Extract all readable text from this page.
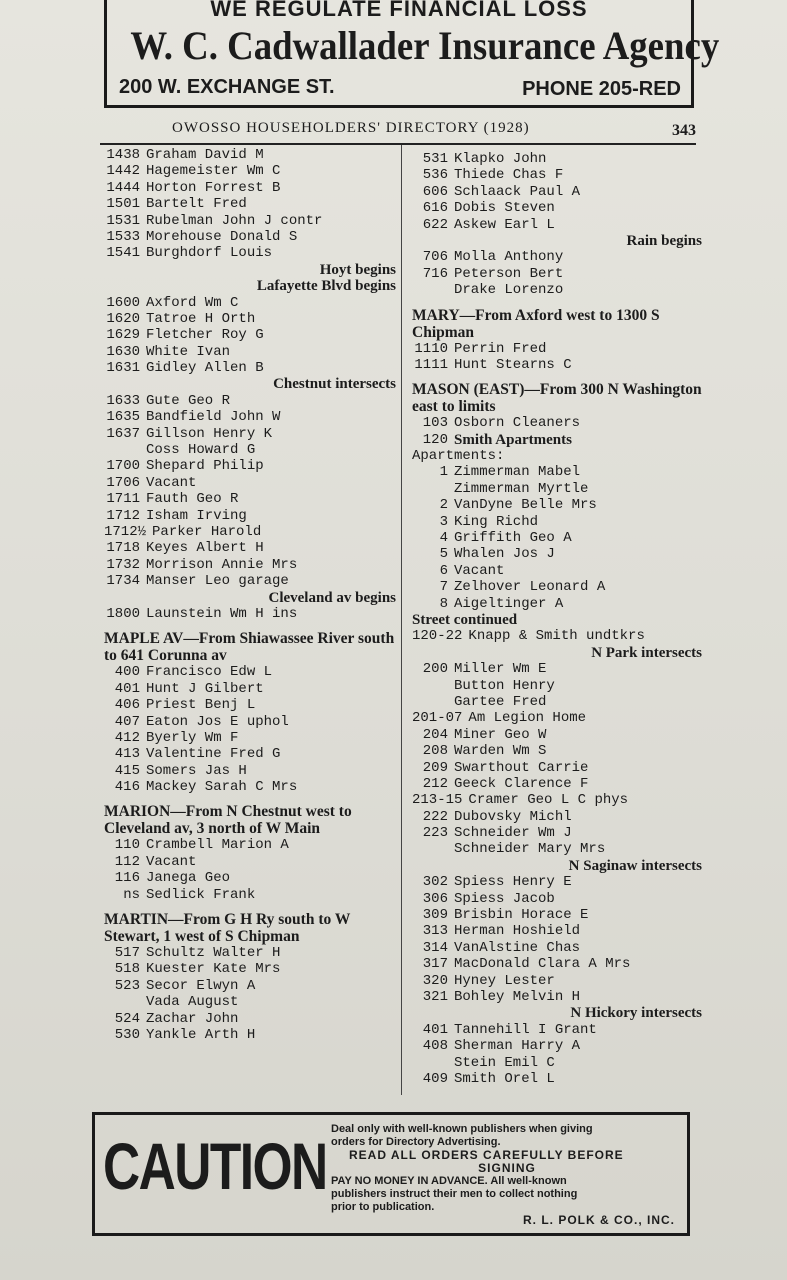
WE REGULATE FINANCIAL LOSS
W. C. Cadwallader Insurance Agency
200 W. EXCHANGE ST.	PHONE 205-RED
OWOSSO HOUSEHOLDERS' DIRECTORY (1928)	343
1438 Graham David M
1442 Hagemeister Wm C
1444 Horton Forrest B
1501 Bartelt Fred
1531 Rubelman John J contr
1533 Morehouse Donald S
1541 Burghdorf Louis
Hoyt begins
Lafayette Blvd begins
1600 Axford Wm C
1620 Tatroe H Orth
1629 Fletcher Roy G
1630 White Ivan
1631 Gidley Allen B
Chestnut intersects
1633 Gute Geo R
1635 Bandfield John W
1637 Gillson Henry K
Coss Howard G
1700 Shepard Philip
1706 Vacant
1711 Fauth Geo R
1712 Isham Irving
1712½ Parker Harold
1718 Keyes Albert H
1732 Morrison Annie Mrs
1734 Manser Leo garage
Cleveland av begins
1800 Launstein Wm H ins
MAPLE AV—From Shiawassee River south to 641 Corunna av
400 Francisco Edw L
401 Hunt J Gilbert
406 Priest Benj L
407 Eaton Jos E uphol
412 Byerly Wm F
413 Valentine Fred G
415 Somers Jas H
416 Mackey Sarah C Mrs
MARION—From N Chestnut west to Cleveland av, 3 north of W Main
110 Crambell Marion A
112 Vacant
116 Janega Geo
ns Sedlick Frank
MARTIN—From G H Ry south to W Stewart, 1 west of S Chipman
517 Schultz Walter H
518 Kuester Kate Mrs
523 Secor Elwyn A
Vada August
524 Zachar John
530 Yankle Arth H
531 Klapko John
536 Thiede Chas F
606 Schlaack Paul A
616 Dobis Steven
622 Askew Earl L
Rain begins
706 Molla Anthony
716 Peterson Bert
Drake Lorenzo
MARY—From Axford west to 1300 S Chipman
1110 Perrin Fred
1111 Hunt Stearns C
MASON (EAST)—From 300 N Washington east to limits
103 Osborn Cleaners
120 Smith Apartments
Apartments:
1 Zimmerman Mabel
Zimmerman Myrtle
2 VanDyne Belle Mrs
3 King Richd
4 Griffith Geo A
5 Whalen Jos J
6 Vacant
7 Zelhover Leonard A
8 Aigeltinger A
Street continued
120-22 Knapp & Smith undtkrs
N Park intersects
200 Miller Wm E
Button Henry
Gartee Fred
201-07 Am Legion Home
204 Miner Geo W
208 Warden Wm S
209 Swarthout Carrie
212 Geeck Clarence F
213-15 Cramer Geo L C phys
222 Dubovsky Michl
223 Schneider Wm J
Schneider Mary Mrs
N Saginaw intersects
302 Spiess Henry E
306 Spiess Jacob
309 Brisbin Horace E
313 Herman Hoshield
314 VanAlstine Chas
317 MacDonald Clara A Mrs
320 Hyney Lester
321 Bohley Melvin H
N Hickory intersects
401 Tannehill I Grant
408 Sherman Harry A
Stein Emil C
409 Smith Orel L
CAUTION Deal only with well-known publishers when giving
orders for Directory Advertising.
READ ALL ORDERS CAREFULLY BEFORE
SIGNING
PAY NO MONEY IN ADVANCE. All well-known
publishers instruct their men to collect nothing
prior to publication.
R. L. POLK & CO., INC.
